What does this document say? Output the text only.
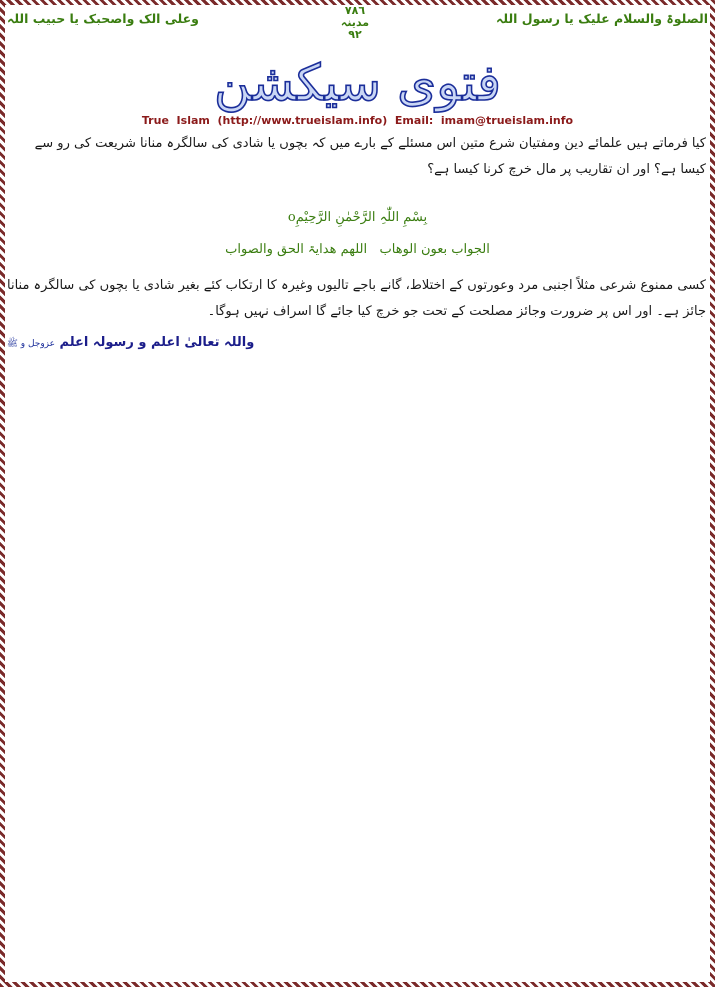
الصلوۃ والسلام علیک یا رسول اللہ
٧٨٦
مدینہ
٩٢
وعلی الک واصحبک یا حبیب اللہ
فتوی سیکشن
True  Islam  (http://www.trueislam.info)  Email:  imam@trueislam.info
کیا فرماتے ہیں علمائے دین ومفتیان شرع متین اس مسئلے کے بارے میں کہ بچوں یا شادی کی سالگرہ منانا شریعت کی رو سے کیسا ہے؟ اور ان تقاریب پر مال خرچ کرنا کیسا ہے؟
بِسْمِ اللّٰہِ الرَّحْمٰنِ الرَّحِیْمِo
الجواب بعون الوھاب   اللھم ھدایۃ الحق والصواب
کسی ممنوع شرعی مثلاً اجنبی مرد وعورتوں کے اختلاط، گانے باجے تالیوں وغیرہ کا ارتکاب کئے بغیر شادی یا بچوں کی سالگرہ منانا جائز ہے۔ اور اس پر ضرورت وجائز مصلحت کے تحت جو خرچ کیا جائے گا اسراف نہیں ہوگا۔
واللہ تعالیٰ اعلم و رسولہ اعلم عزوجل و ﷺ
